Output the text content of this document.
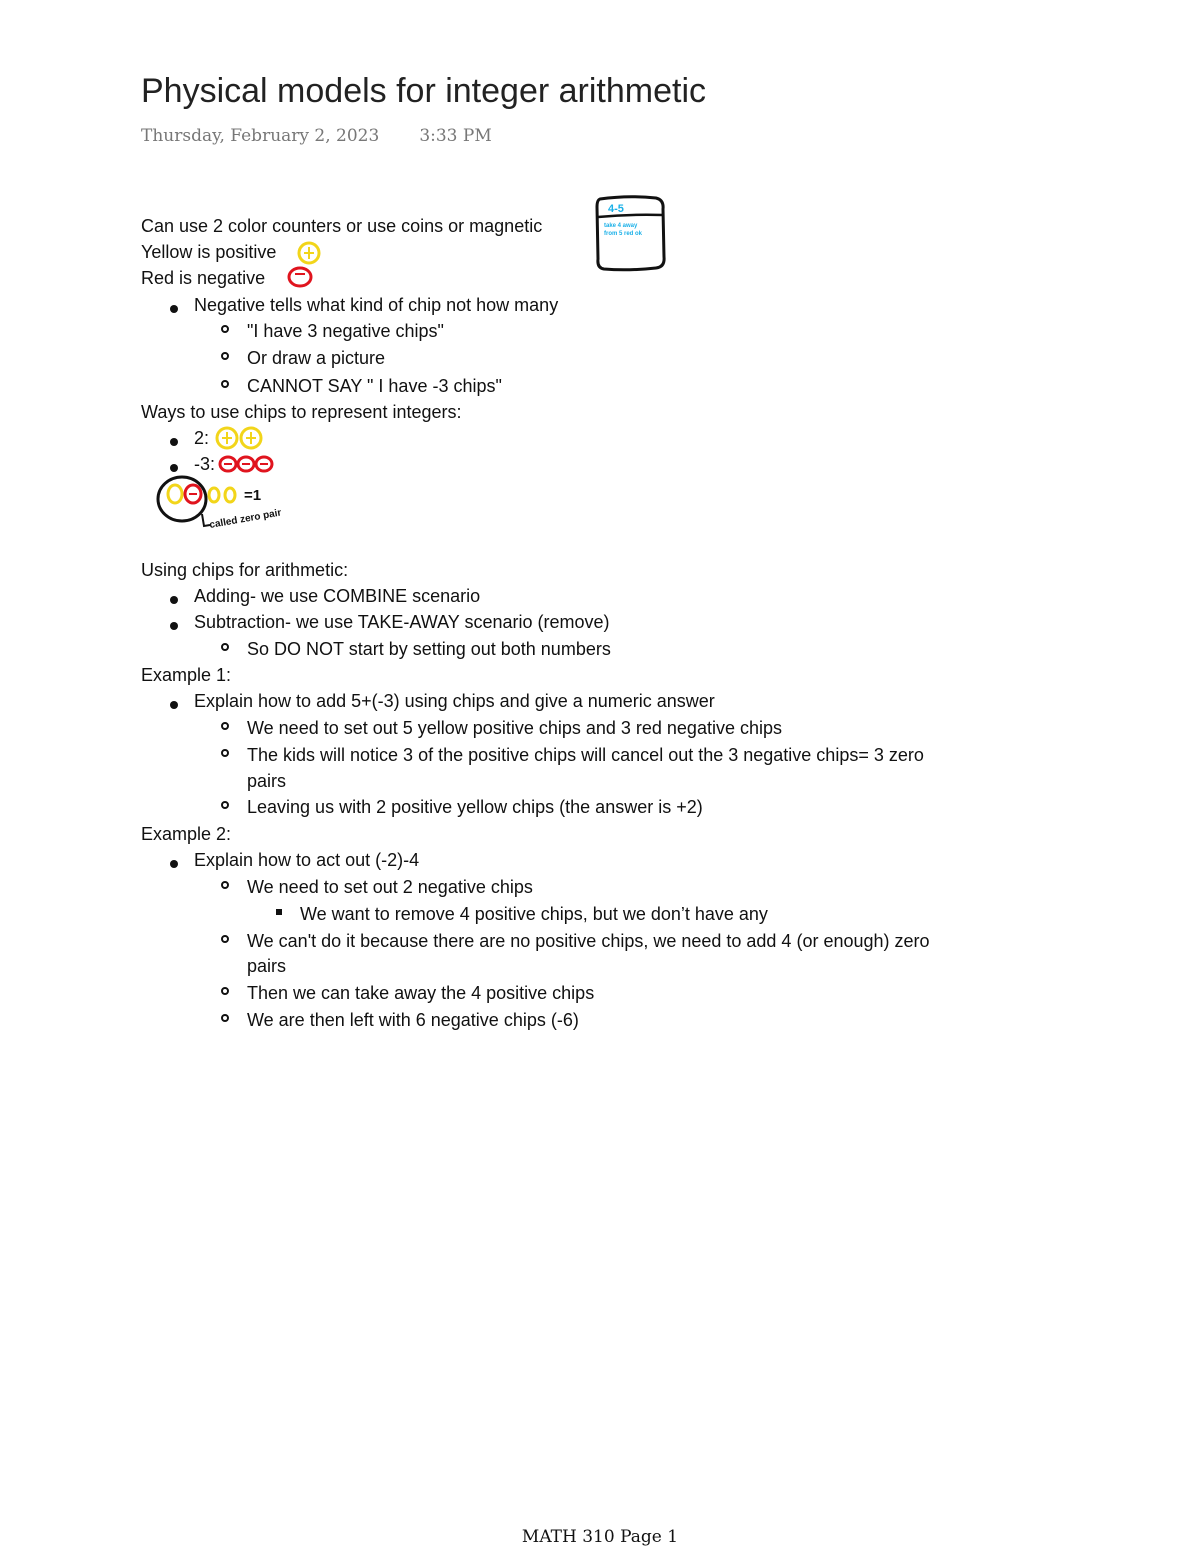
Physical models for integer arithmetic
Thursday, February 2, 2023 3:33 PM
Can use 2 color counters or use coins or magnetic
Yellow is positive
Red is negative
Negative tells what kind of chip not how many
"I have 3 negative chips"
Or draw a picture
CANNOT SAY " I have -3 chips"
4-5
take 4 away from 5 red ok
Ways to use chips to represent integers:
2:
-3:
=1
called zero pair
Using chips for arithmetic:
Adding- we use COMBINE scenario
Subtraction- we use TAKE-AWAY scenario (remove)
So DO NOT start by setting out both numbers
Example 1:
Explain how to add 5+(-3) using chips and give a numeric answer
We need to set out 5 yellow positive chips and 3 red negative chips
The kids will notice 3 of the positive chips will cancel out the 3 negative chips= 3 zero
pairs
Leaving us with 2 positive yellow chips (the answer is +2)
Example 2:
Explain how to act out (-2)-4
We need to set out 2 negative chips
We want to remove 4 positive chips, but we don’t have any
We can't do it because there are no positive chips, we need to add 4 (or enough) zero
pairs
Then we can take away the 4 positive chips
We are then left with 6 negative chips (-6)
MATH 310 Page 1
